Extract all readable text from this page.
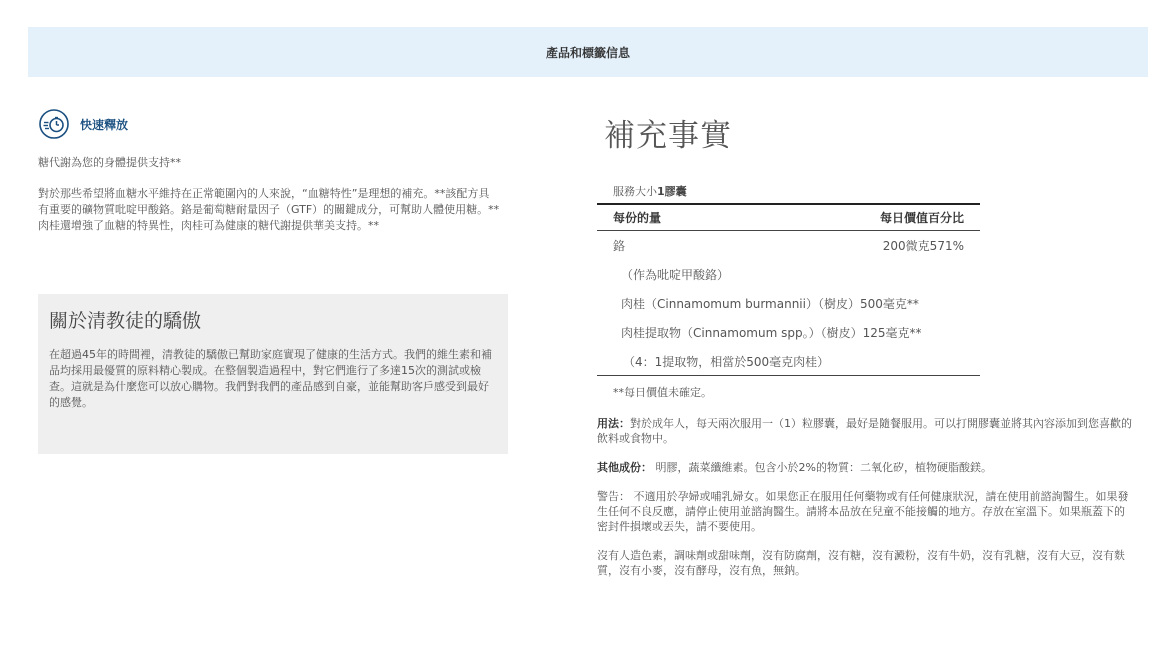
產品和標籤信息
快速釋放

糖代謝為您的身體提供支持**

對於那些希望將血糖水平維持在正常範圍內的人來說，“血糖特性”是理想的補充。**該配方具有重要的礦物質吡啶甲酸鉻。鉻是葡萄糖耐量因子（GTF）的關鍵成分，可幫助人體使用糖。**肉桂還增強了血糖的特異性，肉桂可為健康的糖代謝提供華美支持。**

關於清教徒的驕傲

在超過45年的時間裡，清教徒的驕傲已幫助家庭實現了健康的生活方式。我們的維生素和補品均採用最優質的原料精心製成。在整個製造過程中，對它們進行了多達15次的測試或檢查。這就是為什麼您可以放心購物。我們對我們的產品感到自豪，並能幫助客戶感受到最好的感覺。

補充事實
服務大小1膠囊
每份的量	每日價值百分比
鉻	200微克571%
（作為吡啶甲酸鉻）
肉桂（Cinnamomum burmannii）（樹皮）500毫克**
肉桂提取物（Cinnamomum spp。）（樹皮）125毫克**
（4：1提取物，相當於500毫克肉桂）
**每日價值未確定。

用法：對於成年人，每天兩次服用一（1）粒膠囊，最好是隨餐服用。可以打開膠囊並將其內容添加到您喜歡的飲料或食物中。

其他成份： 明膠，蔬菜纖維素。包含小於2%的物質：二氧化矽，植物硬脂酸鎂。

警告： 不適用於孕婦或哺乳婦女。如果您正在服用任何藥物或有任何健康狀況，請在使用前諮詢醫生。如果發生任何不良反應，請停止使用並諮詢醫生。請將本品放在兒童不能接觸的地方。存放在室溫下。如果瓶蓋下的密封件損壞或丟失，請不要使用。

沒有人造色素，調味劑或甜味劑，沒有防腐劑，沒有糖，沒有澱粉，沒有牛奶，沒有乳糖，沒有大豆，沒有麩質，沒有小麥，沒有酵母，沒有魚，無鈉。
